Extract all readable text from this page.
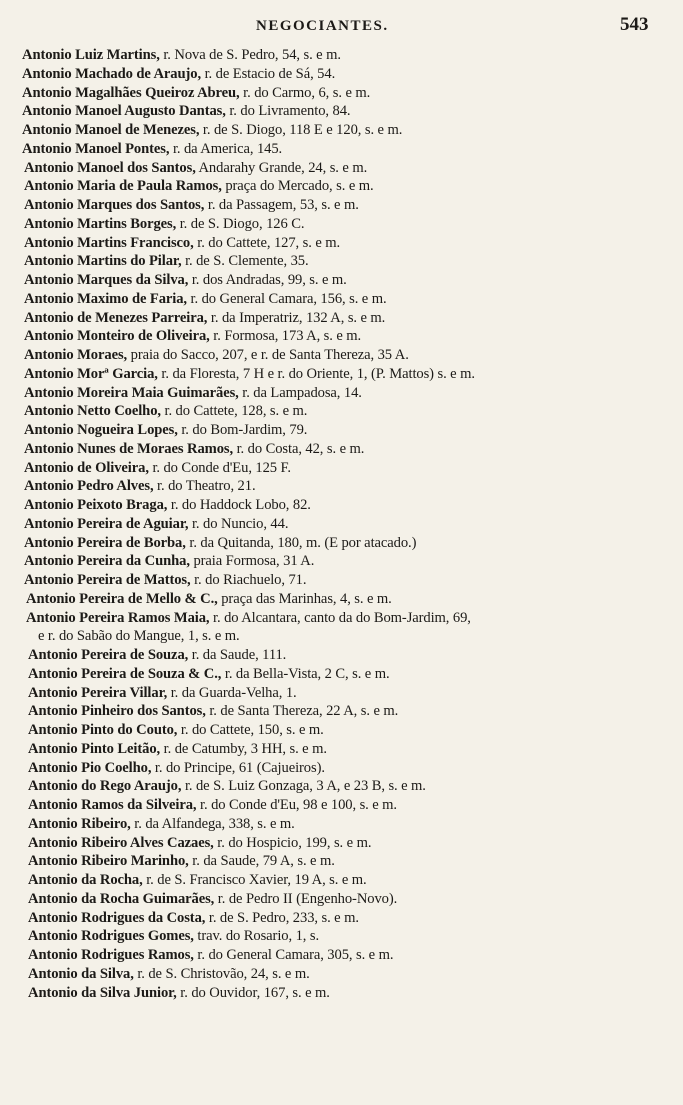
NEGOCIANTES.	543
Antonio Luiz Martins, r. Nova de S. Pedro, 54, s. e m.
Antonio Machado de Araujo, r. de Estacio de Sá, 54.
Antonio Magalhães Queiroz Abreu, r. do Carmo, 6, s. e m.
Antonio Manoel Augusto Dantas, r. do Livramento, 84.
Antonio Manoel de Menezes, r. de S. Diogo, 118 E e 120, s. e m.
Antonio Manoel Pontes, r. da America, 145.
Antonio Manoel dos Santos, Andarahy Grande, 24, s. e m.
Antonio Maria de Paula Ramos, praça do Mercado, s. e m.
Antonio Marques dos Santos, r. da Passagem, 53, s. e m.
Antonio Martins Borges, r. de S. Diogo, 126 C.
Antonio Martins Francisco, r. do Cattete, 127, s. e m.
Antonio Martins do Pilar, r. de S. Clemente, 35.
Antonio Marques da Silva, r. dos Andradas, 99, s. e m.
Antonio Maximo de Faria, r. do General Camara, 156, s. e m.
Antonio de Menezes Parreira, r. da Imperatriz, 132 A, s. e m.
Antonio Monteiro de Oliveira, r. Formosa, 173 A, s. e m.
Antonio Moraes, praia do Sacco, 207, e r. de Santa Thereza, 35 A.
Antonio Morª Garcia, r. da Floresta, 7 H e r. do Oriente, 1, (P. Mattos) s. e m.
Antonio Moreira Maia Guimarães, r. da Lampadosa, 14.
Antonio Netto Coelho, r. do Cattete, 128, s. e m.
Antonio Nogueira Lopes, r. do Bom-Jardim, 79.
Antonio Nunes de Moraes Ramos, r. do Costa, 42, s. e m.
Antonio de Oliveira, r. do Conde d'Eu, 125 F.
Antonio Pedro Alves, r. do Theatro, 21.
Antonio Peixoto Braga, r. do Haddock Lobo, 82.
Antonio Pereira de Aguiar, r. do Nuncio, 44.
Antonio Pereira de Borba, r. da Quitanda, 180, m. (E por atacado.)
Antonio Pereira da Cunha, praia Formosa, 31 A.
Antonio Pereira de Mattos, r. do Riachuelo, 71.
Antonio Pereira de Mello & C., praça das Marinhas, 4, s. e m.
Antonio Pereira Ramos Maia, r. do Alcantara, canto da do Bom-Jardim, 69,
e r. do Sabão do Mangue, 1, s. e m.
Antonio Pereira de Souza, r. da Saude, 111.
Antonio Pereira de Souza & C., r. da Bella-Vista, 2 C, s. e m.
Antonio Pereira Villar, r. da Guarda-Velha, 1.
Antonio Pinheiro dos Santos, r. de Santa Thereza, 22 A, s. e m.
Antonio Pinto do Couto, r. do Cattete, 150, s. e m.
Antonio Pinto Leitão, r. de Catumby, 3 HH, s. e m.
Antonio Pio Coelho, r. do Principe, 61 (Cajueiros).
Antonio do Rego Araujo, r. de S. Luiz Gonzaga, 3 A, e 23 B, s. e m.
Antonio Ramos da Silveira, r. do Conde d'Eu, 98 e 100, s. e m.
Antonio Ribeiro, r. da Alfandega, 338, s. e m.
Antonio Ribeiro Alves Cazaes, r. do Hospicio, 199, s. e m.
Antonio Ribeiro Marinho, r. da Saude, 79 A, s. e m.
Antonio da Rocha, r. de S. Francisco Xavier, 19 A, s. e m.
Antonio da Rocha Guimarães, r. de Pedro II (Engenho-Novo).
Antonio Rodrigues da Costa, r. de S. Pedro, 233, s. e m.
Antonio Rodrigues Gomes, trav. do Rosario, 1, s.
Antonio Rodrigues Ramos, r. do General Camara, 305, s. e m.
Antonio da Silva, r. de S. Christovão, 24, s. e m.
Antonio da Silva Junior, r. do Ouvidor, 167, s. e m.
